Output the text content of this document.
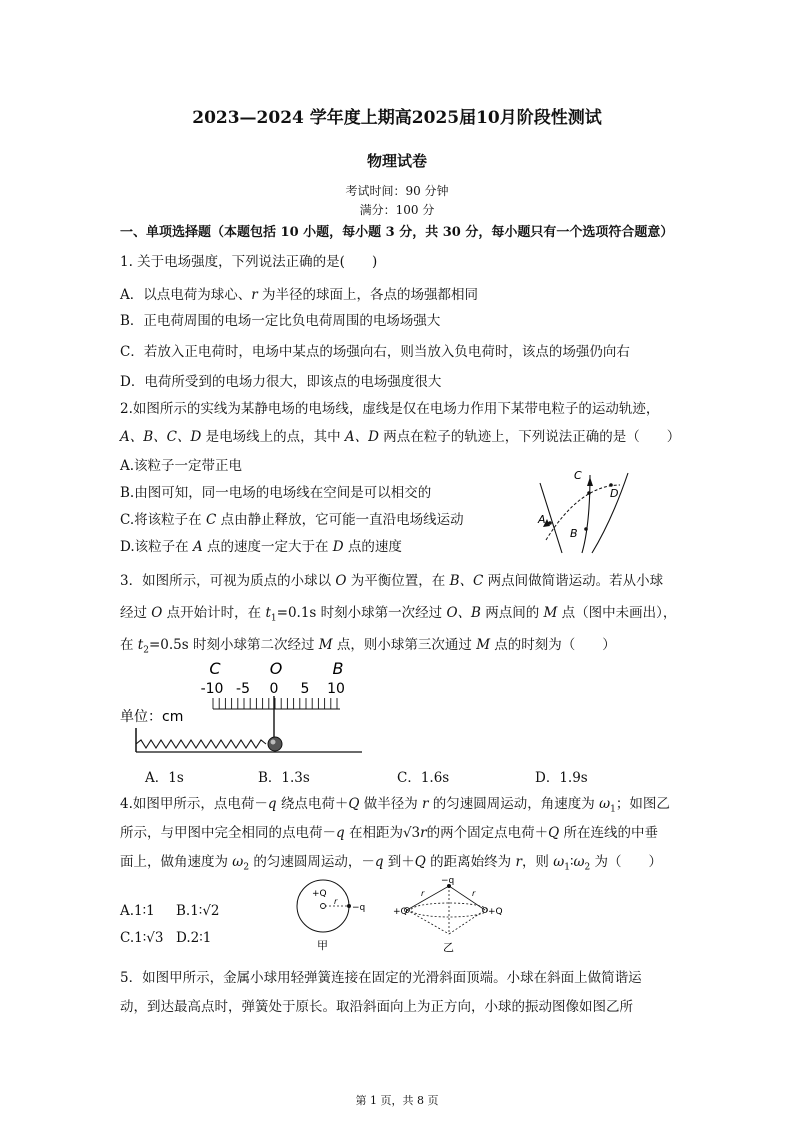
2023—2024 学年度上期高2025届10月阶段性测试
物理试卷
考试时间：90 分钟
满分：100 分
一、单项选择题（本题包括 10 小题，每小题 3 分，共 30 分，每小题只有一个选项符合题意）
1. 关于电场强度，下列说法正确的是(　　)
A．以点电荷为球心、r 为半径的球面上，各点的场强都相同
B．正电荷周围的电场一定比负电荷周围的电场场强大
C．若放入正电荷时，电场中某点的场强向右，则当放入负电荷时，该点的场强仍向右
D．电荷所受到的电场力很大，即该点的电场强度很大
2.如图所示的实线为某静电场的电场线，虚线是仅在电场力作用下某带电粒子的运动轨迹，
A、B、C、D 是电场线上的点，其中 A、D 两点在粒子的轨迹上，下列说法正确的是（　　）
A.该粒子一定带正电
B.由图可知，同一电场的电场线在空间是可以相交的
C.将该粒子在 C 点由静止释放，它可能一直沿电场线运动
D.该粒子在 A 点的速度一定大于在 D 点的速度
A
C
D
B
3．如图所示，可视为质点的小球以 O 为平衡位置，在 B、C 两点间做简谐运动。若从小球
经过 O 点开始计时，在 $t_1=0.1s$ 时刻小球第一次经过 O、B 两点间的 M 点（图中未画出），
在 $t_2=0.5s$ 时刻小球第二次经过 M 点，则小球第三次通过 M 点的时刻为（　　）
C	O	B
-10 -5 0 5 10
单位：cm
A．1s	B．1.3s	C．1.6s	D．1.9s
4.如图甲所示，点电荷－q 绕点电荷＋Q 做半径为 r 的匀速圆周运动，角速度为 $\omega_1$；如图乙
所示，与甲图中完全相同的点电荷－q 在相距为√3r的两个固定点电荷＋Q 所在连线的中垂
面上，做角速度为 $\omega_2$ 的匀速圆周运动，－q 到＋Q 的距离始终为 r，则 $\omega_1∶\omega_2$ 为（　　）
A.1∶1 B.1∶√2
C.1∶√3 D.2∶1
+Q
r
−q
甲
−q
r	r
+Q	+Q
乙
5．如图甲所示，金属小球用轻弹簧连接在固定的光滑斜面顶端。小球在斜面上做简谐运
动，到达最高点时，弹簧处于原长。取沿斜面向上为正方向，小球的振动图像如图乙所
第 1 页，共 8 页
